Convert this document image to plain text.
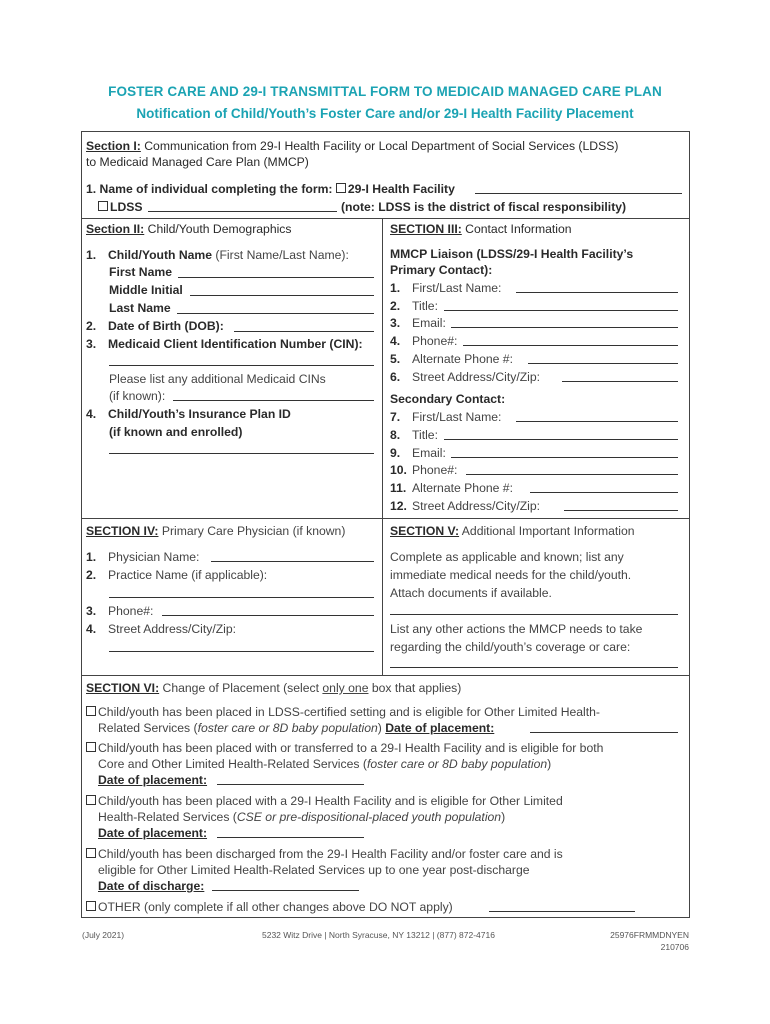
FOSTER CARE AND 29-I TRANSMITTAL FORM TO MEDICAID MANAGED CARE PLAN
Notification of Child/Youth’s Foster Care and/or 29-I Health Facility Placement
Section I: Communication from 29-I Health Facility or Local Department of Social Services (LDSS)
to Medicaid Managed Care Plan (MMCP)
1. Name of individual completing the form: 29-I Health Facility
LDSS	(note: LDSS is the district of fiscal responsibility)
Section II: Child/Youth Demographics
1. Child/Youth Name (First Name/Last Name):
First Name
Middle Initial
Last Name
2. Date of Birth (DOB):
3. Medicaid Client Identification Number (CIN):
Please list any additional Medicaid CINs
(if known):
4. Child/Youth’s Insurance Plan ID
(if known and enrolled)
SECTION III: Contact Information
MMCP Liaison (LDSS/29-I Health Facility’s
Primary Contact):
1. First/Last Name:
2. Title:
3. Email:
4. Phone#:
5. Alternate Phone #:
6. Street Address/City/Zip:
Secondary Contact:
7. First/Last Name:
8. Title:
9. Email:
10. Phone#:
11. Alternate Phone #:
12. Street Address/City/Zip:
SECTION IV: Primary Care Physician (if known)
1. Physician Name:
2. Practice Name (if applicable):
3. Phone#:
4. Street Address/City/Zip:
SECTION V: Additional Important Information
Complete as applicable and known; list any
immediate medical needs for the child/youth.
Attach documents if available.
List any other actions the MMCP needs to take
regarding the child/youth’s coverage or care:
SECTION VI: Change of Placement (select only one box that applies)
Child/youth has been placed in LDSS-certified setting and is eligible for Other Limited Health-
Related Services (foster care or 8D baby population) Date of placement:
Child/youth has been placed with or transferred to a 29-I Health Facility and is eligible for both
Core and Other Limited Health-Related Services (foster care or 8D baby population)
Date of placement:
Child/youth has been placed with a 29-I Health Facility and is eligible for Other Limited
Health-Related Services (CSE or pre-dispositional-placed youth population)
Date of placement:
Child/youth has been discharged from the 29-I Health Facility and/or foster care and is
eligible for Other Limited Health-Related Services up to one year post-discharge
Date of discharge:
OTHER (only complete if all other changes above DO NOT apply)
(July 2021)	5232 Witz Drive | North Syracuse, NY 13212 | (877) 872-4716	25976FRMMDNYEN
210706
